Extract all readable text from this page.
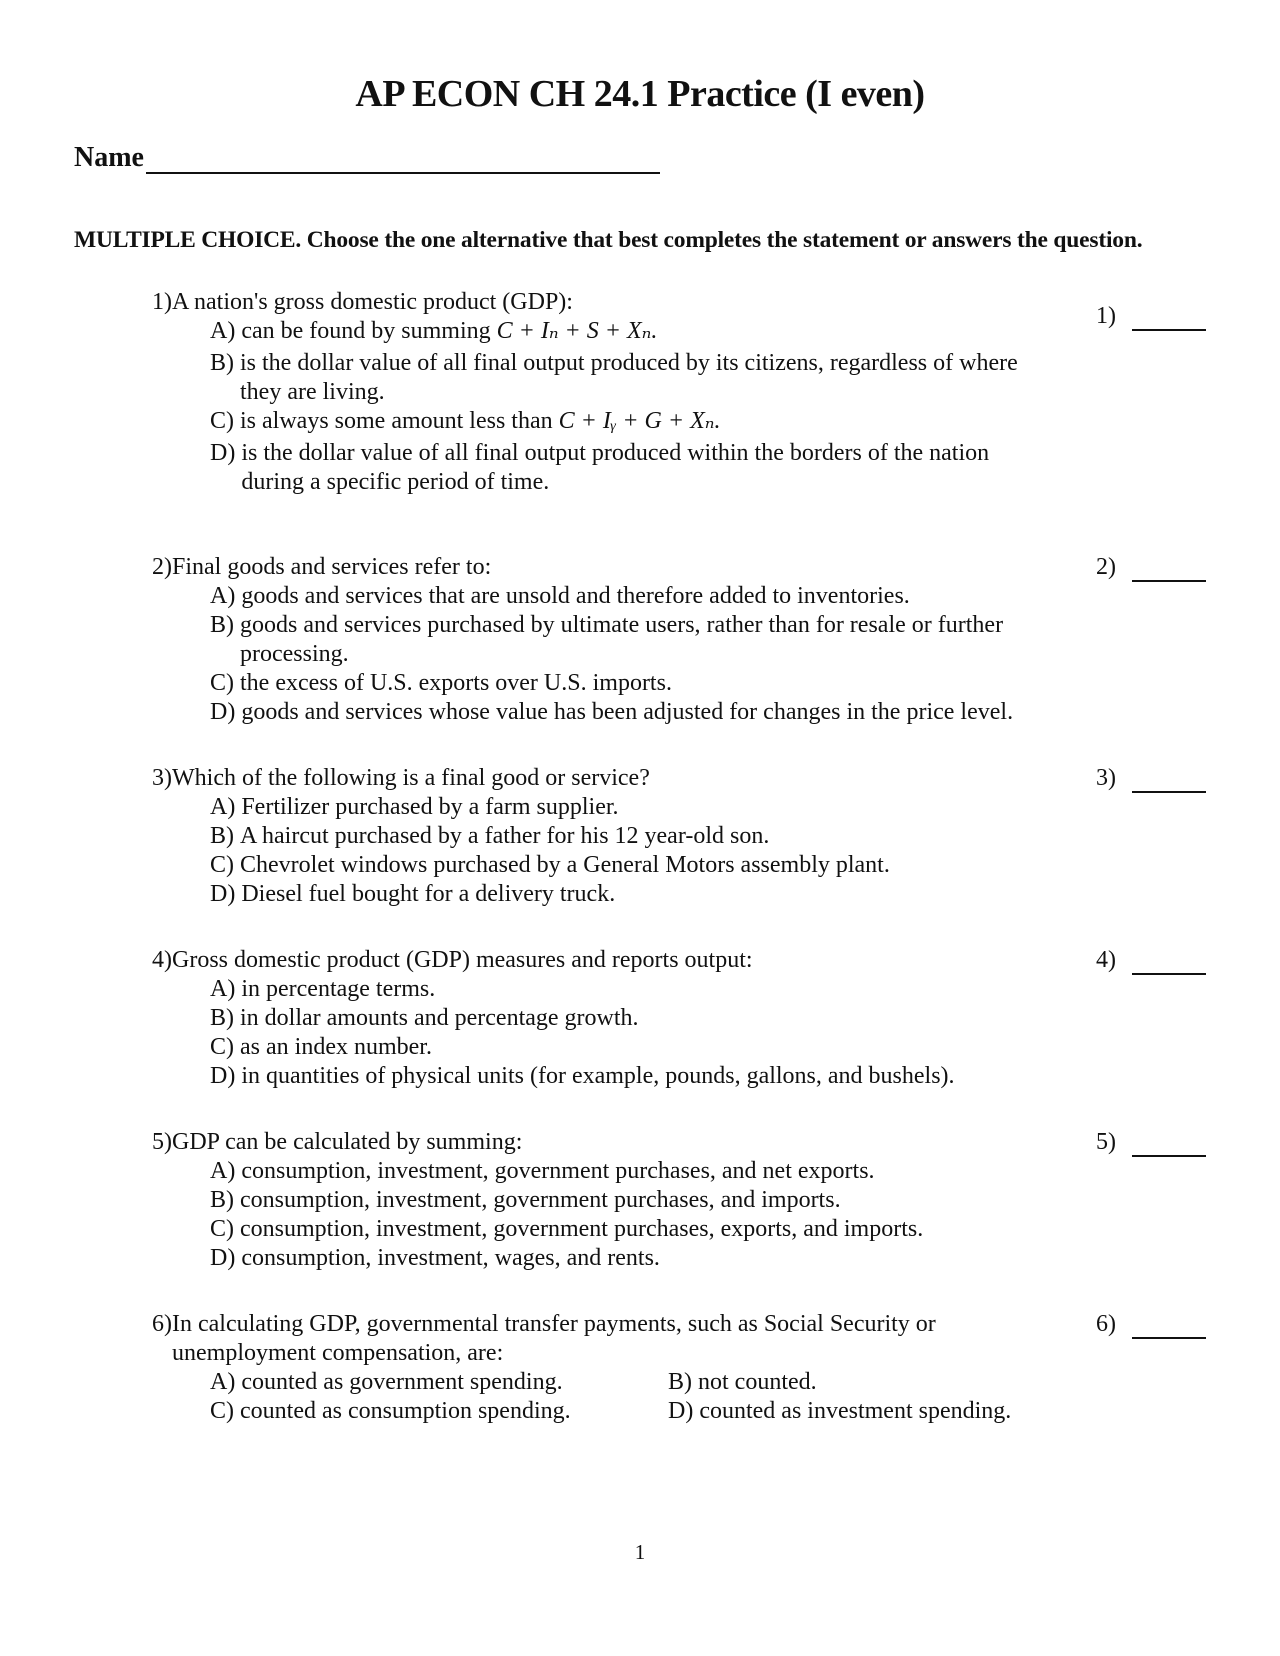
AP ECON CH 24.1 Practice (I even)
Name
MULTIPLE CHOICE. Choose the one alternative that best completes the statement or answers the question.
1) A nation's gross domestic product (GDP):
A)
can be found by summing C + Iₙ + S + Xₙ.
B)
is the dollar value of all final output produced by its citizens, regardless of where they are living.
C)
is always some amount less than C + Iᵧ + G + Xₙ.
D)
is the dollar value of all final output produced within the borders of the nation during a specific period of time.
1)
2) Final goods and services refer to:
A)
goods and services that are unsold and therefore added to inventories.
B)
goods and services purchased by ultimate users, rather than for resale or further processing.
C)
the excess of U.S. exports over U.S. imports.
D)
goods and services whose value has been adjusted for changes in the price level.
2)
3) Which of the following is a final good or service?
A)
Fertilizer purchased by a farm supplier.
B)
A haircut purchased by a father for his 12 year-old son.
C)
Chevrolet windows purchased by a General Motors assembly plant.
D)
Diesel fuel bought for a delivery truck.
3)
4) Gross domestic product (GDP) measures and reports output:
A)
in percentage terms.
B)
in dollar amounts and percentage growth.
C)
as an index number.
D)
in quantities of physical units (for example, pounds, gallons, and bushels).
4)
5) GDP can be calculated by summing:
A)
consumption, investment, government purchases, and net exports.
B)
consumption, investment, government purchases, and imports.
C)
consumption, investment, government purchases, exports, and imports.
D)
consumption, investment, wages, and rents.
5)
6) In calculating GDP, governmental transfer payments, such as Social Security or unemployment compensation, are:
A)
counted as government spending.	B)
not counted.
C)
counted as consumption spending.	D)
counted as investment spending.
6)
1
